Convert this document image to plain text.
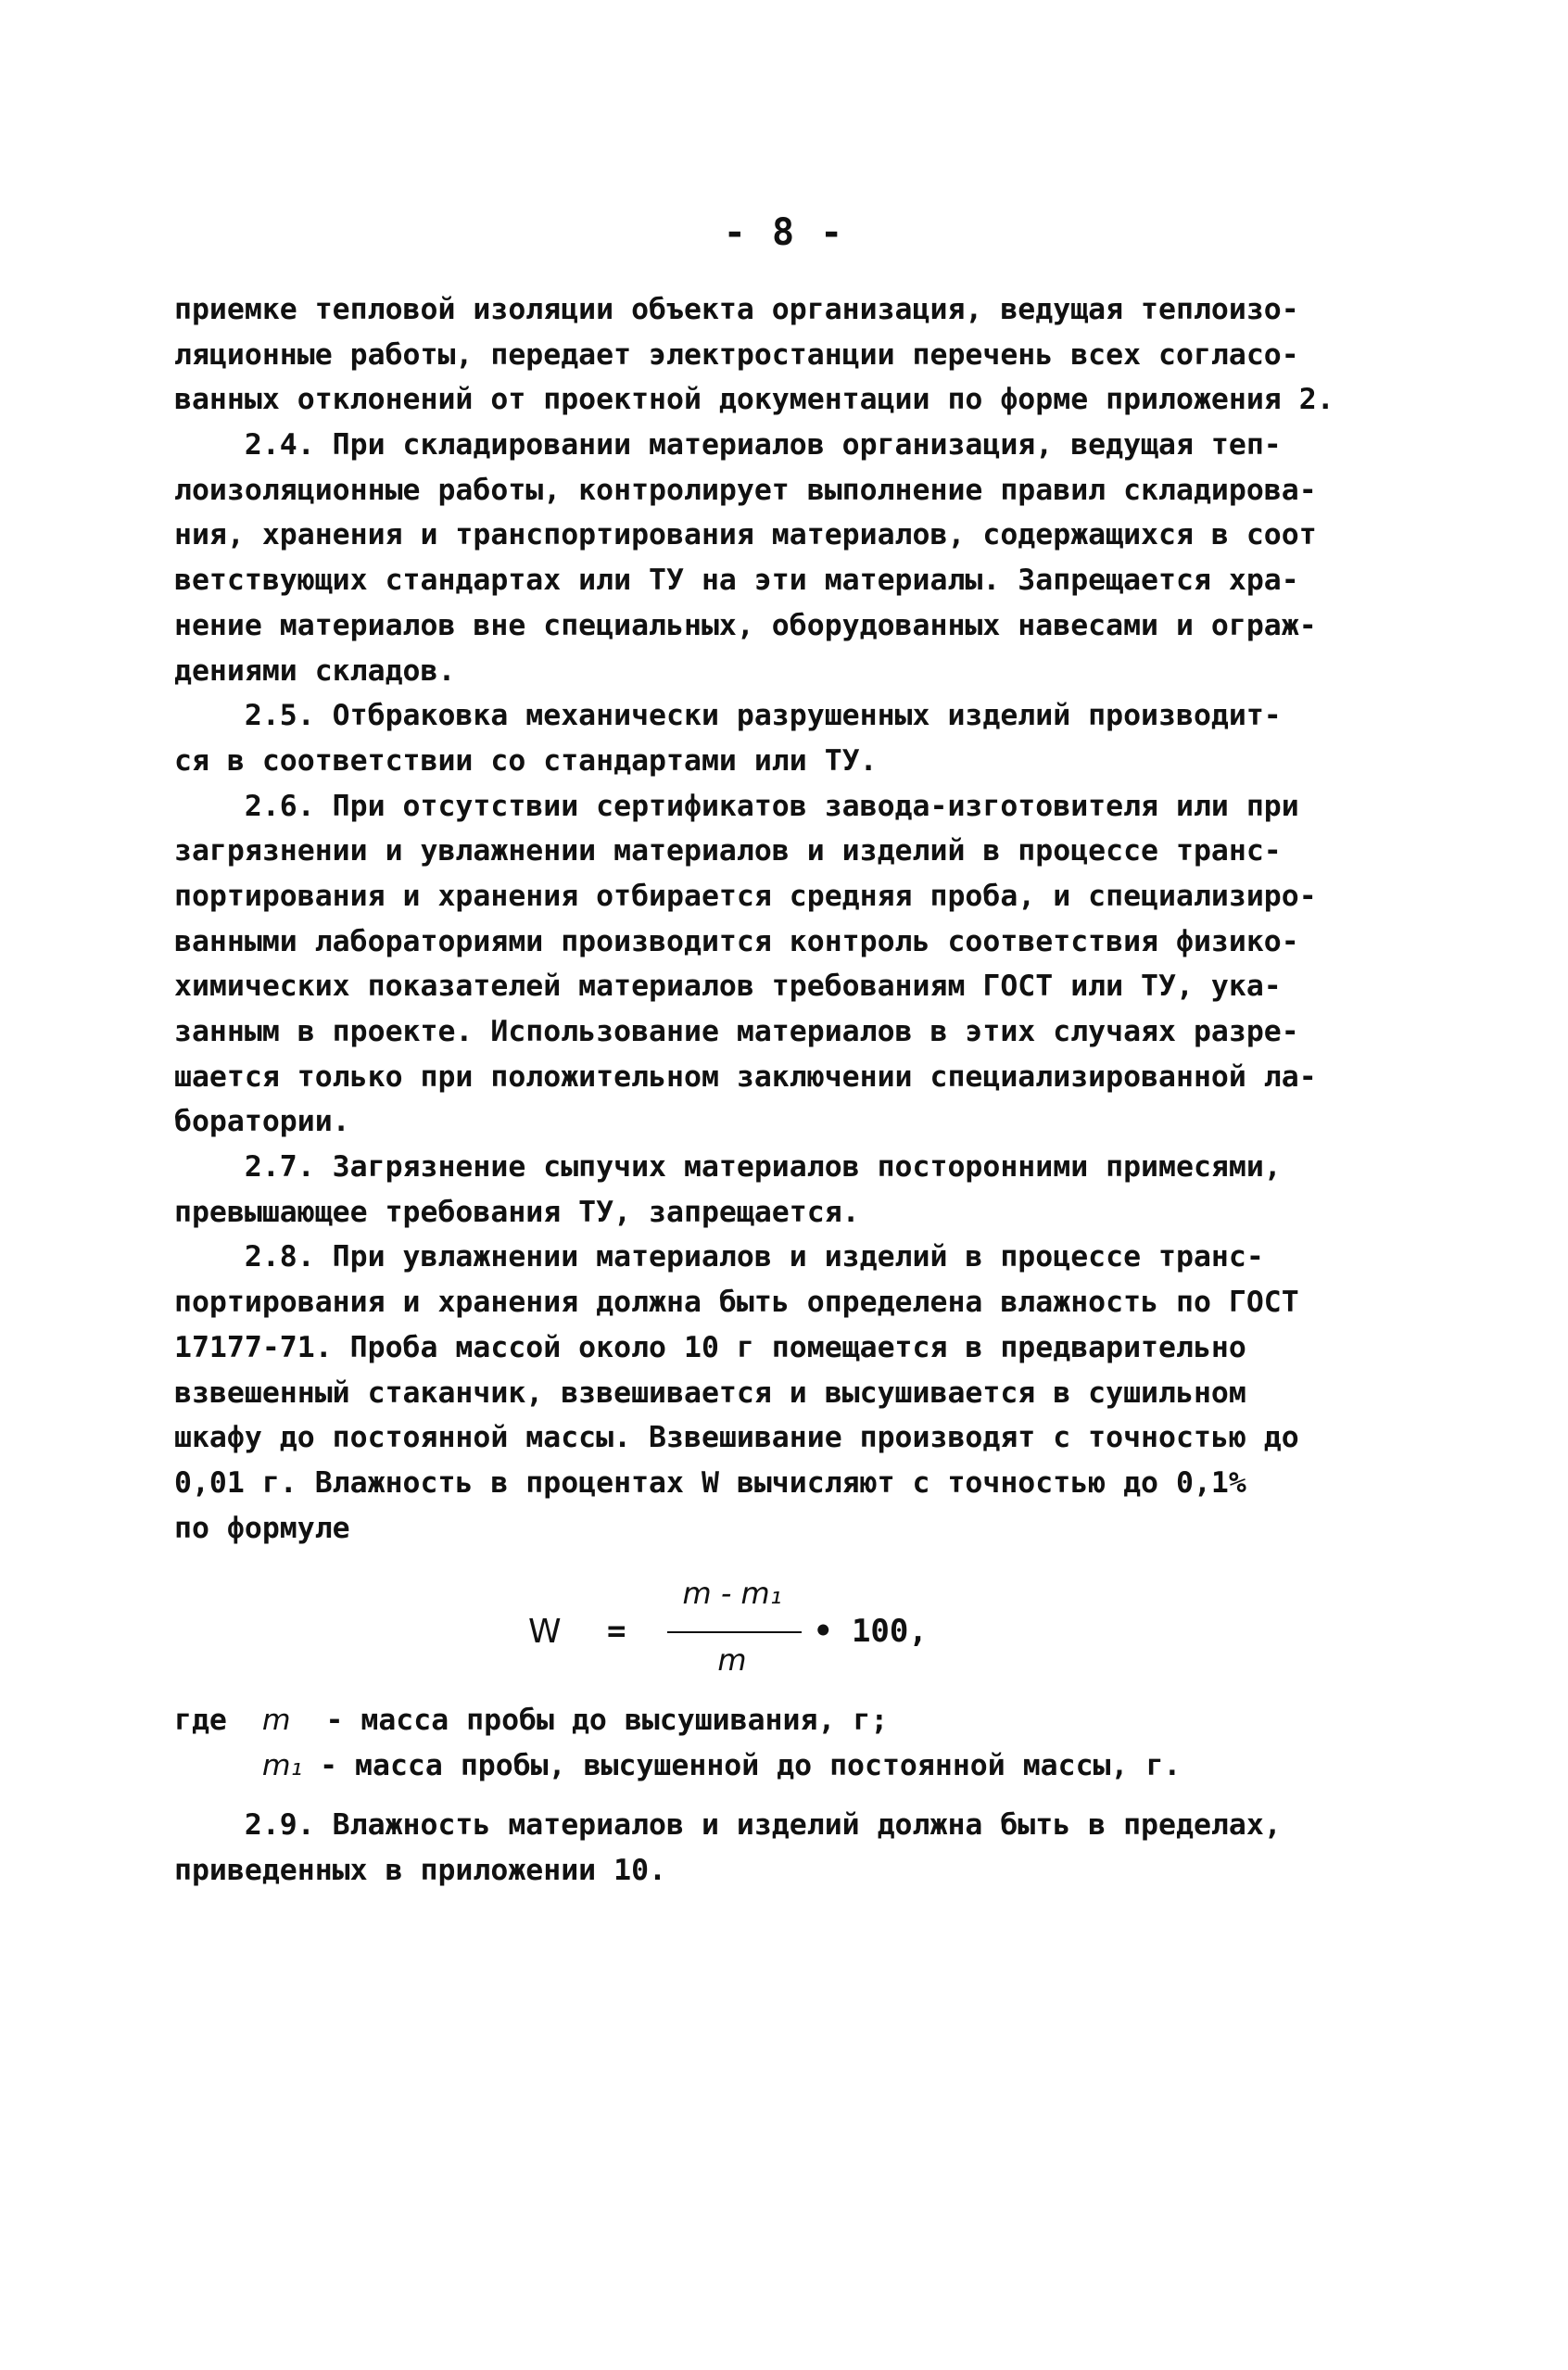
- 8 -
приемке тепловой изоляции объекта организация, ведущая теплоизо-
ляционные работы, передает электростанции перечень всех согласо-
ванных отклонений от проектной документации по форме приложения 2.
2.4. При складировании материалов организация, ведущая теп-
лоизоляционные работы, контролирует выполнение правил складирова-
ния, хранения и транспортирования материалов, содержащихся в соот
ветствующих стандартах или ТУ на эти материалы. Запрещается хра-
нение материалов вне специальных, оборудованных навесами и ограж-
дениями складов.
2.5. Отбраковка механически разрушенных изделий производит-
ся в соответствии со стандартами или ТУ.
2.6. При отсутствии сертификатов завода-изготовителя или при
загрязнении и увлажнении материалов и изделий в процессе транс-
портирования и хранения отбирается средняя проба, и специализиро-
ванными лабораториями производится контроль соответствия физико-
химических показателей материалов требованиям ГОСТ или ТУ, ука-
занным в проекте. Использование материалов в этих случаях разре-
шается только при положительном заключении специализированной ла-
боратории.
2.7. Загрязнение сыпучих материалов посторонними примесями,
превышающее требования ТУ, запрещается.
2.8. При увлажнении материалов и изделий в процессе транс-
портирования и хранения должна быть определена влажность по ГОСТ
17177-71. Проба массой около 10 г помещается в предварительно
взвешенный стаканчик, взвешивается и высушивается в сушильном
шкафу до постоянной массы. Взвешивание производят с точностью до
0,01 г. Влажность в процентах W вычисляют с точностью до 0,1%
по формуле
W =
m - m₁
m
• 100,
где  m  - масса пробы до высушивания, г;
m₁ - масса пробы, высушенной до постоянной массы, г.
2.9. Влажность материалов и изделий должна быть в пределах,
приведенных в приложении 10.
